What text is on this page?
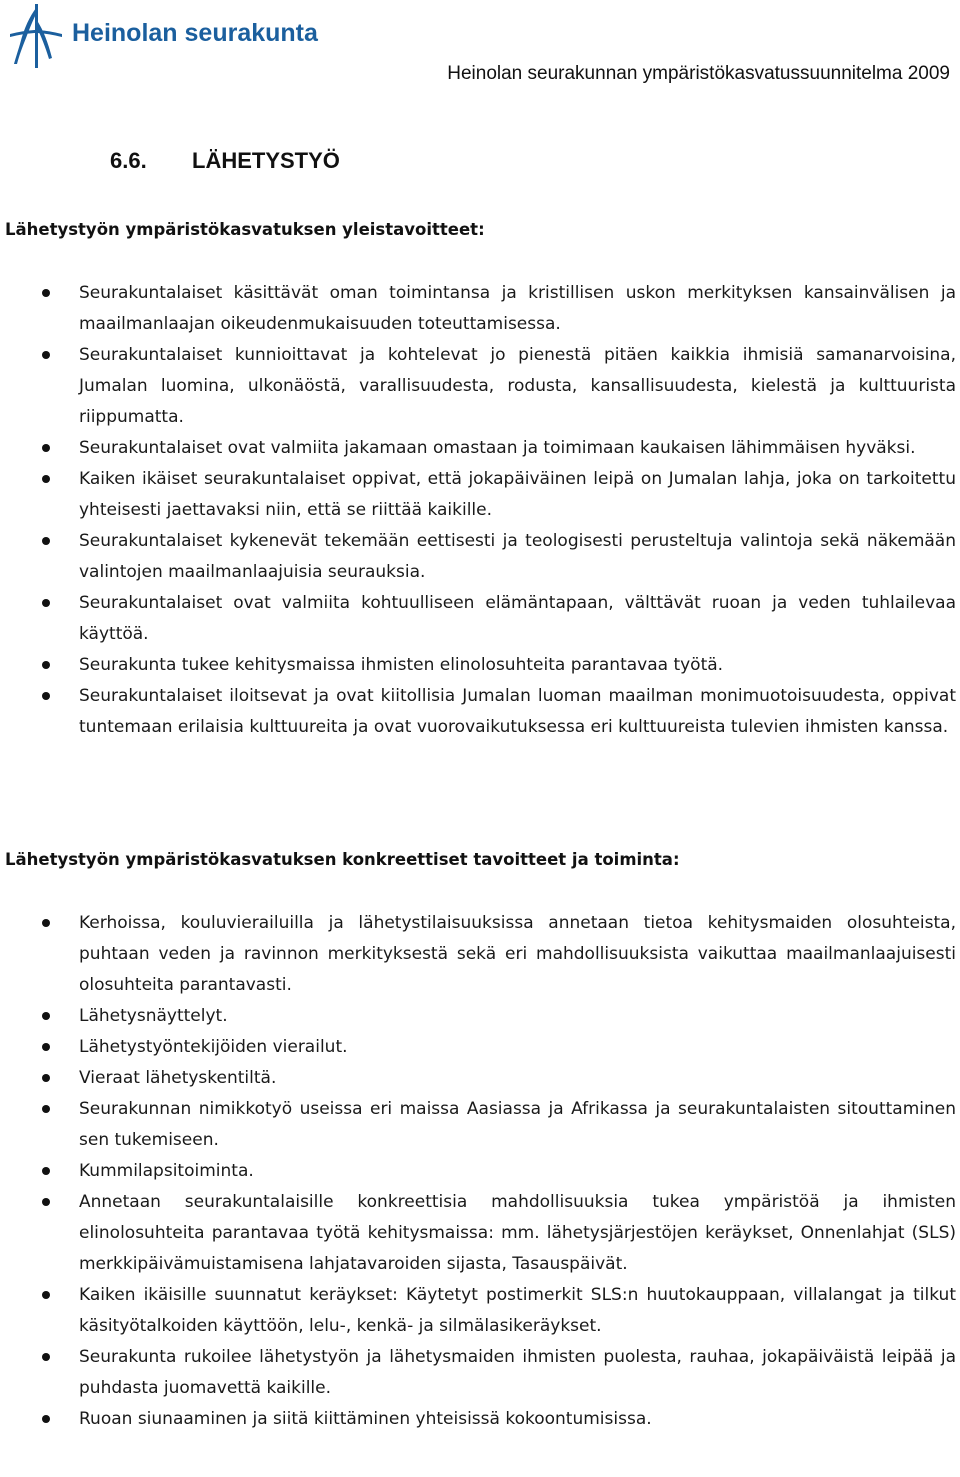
Heinolan seurakunta
Heinolan seurakunnan ympäristökasvatussuunnitelma 2009
6.6. LÄHETYSTYÖ
Lähetystyön ympäristökasvatuksen yleistavoitteet:
Seurakuntalaiset käsittävät oman toimintansa ja kristillisen uskon merkityksen kansainvälisen ja maailmanlaajan oikeudenmukaisuuden toteuttamisessa.
Seurakuntalaiset kunnioittavat ja kohtelevat jo pienestä pitäen kaikkia ihmisiä samanarvoisina, Jumalan luomina, ulkonäöstä, varallisuudesta, rodusta, kansallisuudesta, kielestä ja kulttuurista riippumatta.
Seurakuntalaiset ovat valmiita jakamaan omastaan ja toimimaan kaukaisen lähimmäisen hyväksi.
Kaiken ikäiset seurakuntalaiset oppivat, että jokapäiväinen leipä on Jumalan lahja, joka on tarkoitettu yhteisesti jaettavaksi niin, että se riittää kaikille.
Seurakuntalaiset kykenevät tekemään eettisesti ja teologisesti perusteltuja valintoja sekä näkemään valintojen maailmanlaajuisia seurauksia.
Seurakuntalaiset ovat valmiita kohtuulliseen elämäntapaan, välttävät ruoan ja veden tuhlailevaa käyttöä.
Seurakunta tukee kehitysmaissa ihmisten elinolosuhteita parantavaa työtä.
Seurakuntalaiset iloitsevat ja ovat kiitollisia Jumalan luoman maailman monimuotoisuudesta, oppivat tuntemaan erilaisia kulttuureita ja ovat vuorovaikutuksessa eri kulttuureista tulevien ihmisten kanssa.
Lähetystyön ympäristökasvatuksen konkreettiset tavoitteet ja toiminta:
Kerhoissa, kouluvierailuilla ja lähetystilaisuuksissa annetaan tietoa kehitysmaiden olosuhteista, puhtaan veden ja ravinnon merkityksestä sekä eri mahdollisuuksista vaikuttaa maailmanlaajuisesti olosuhteita parantavasti.
Lähetysnäyttelyt.
Lähetystyöntekijöiden vierailut.
Vieraat lähetyskentiltä.
Seurakunnan nimikkotyö useissa eri maissa Aasiassa ja Afrikassa ja seurakuntalaisten sitouttaminen sen tukemiseen.
Kummilapsitoiminta.
Annetaan seurakuntalaisille konkreettisia mahdollisuuksia tukea ympäristöä ja ihmisten elinolosuhteita parantavaa työtä kehitysmaissa: mm. lähetysjärjestöjen keräykset, Onnenlahjat (SLS) merkkipäivämuistamisena lahjatavaroiden sijasta, Tasauspäivät.
Kaiken ikäisille suunnatut keräykset: Käytetyt postimerkit SLS:n huutokauppaan, villalangat ja tilkut käsityötalkoiden käyttöön, lelu-, kenkä- ja silmälasikeräykset.
Seurakunta rukoilee lähetystyön ja lähetysmaiden ihmisten puolesta, rauhaa, jokapäiväistä leipää ja puhdasta juomavettä kaikille.
Ruoan siunaaminen ja siitä kiittäminen yhteisissä kokoontumisissa.
